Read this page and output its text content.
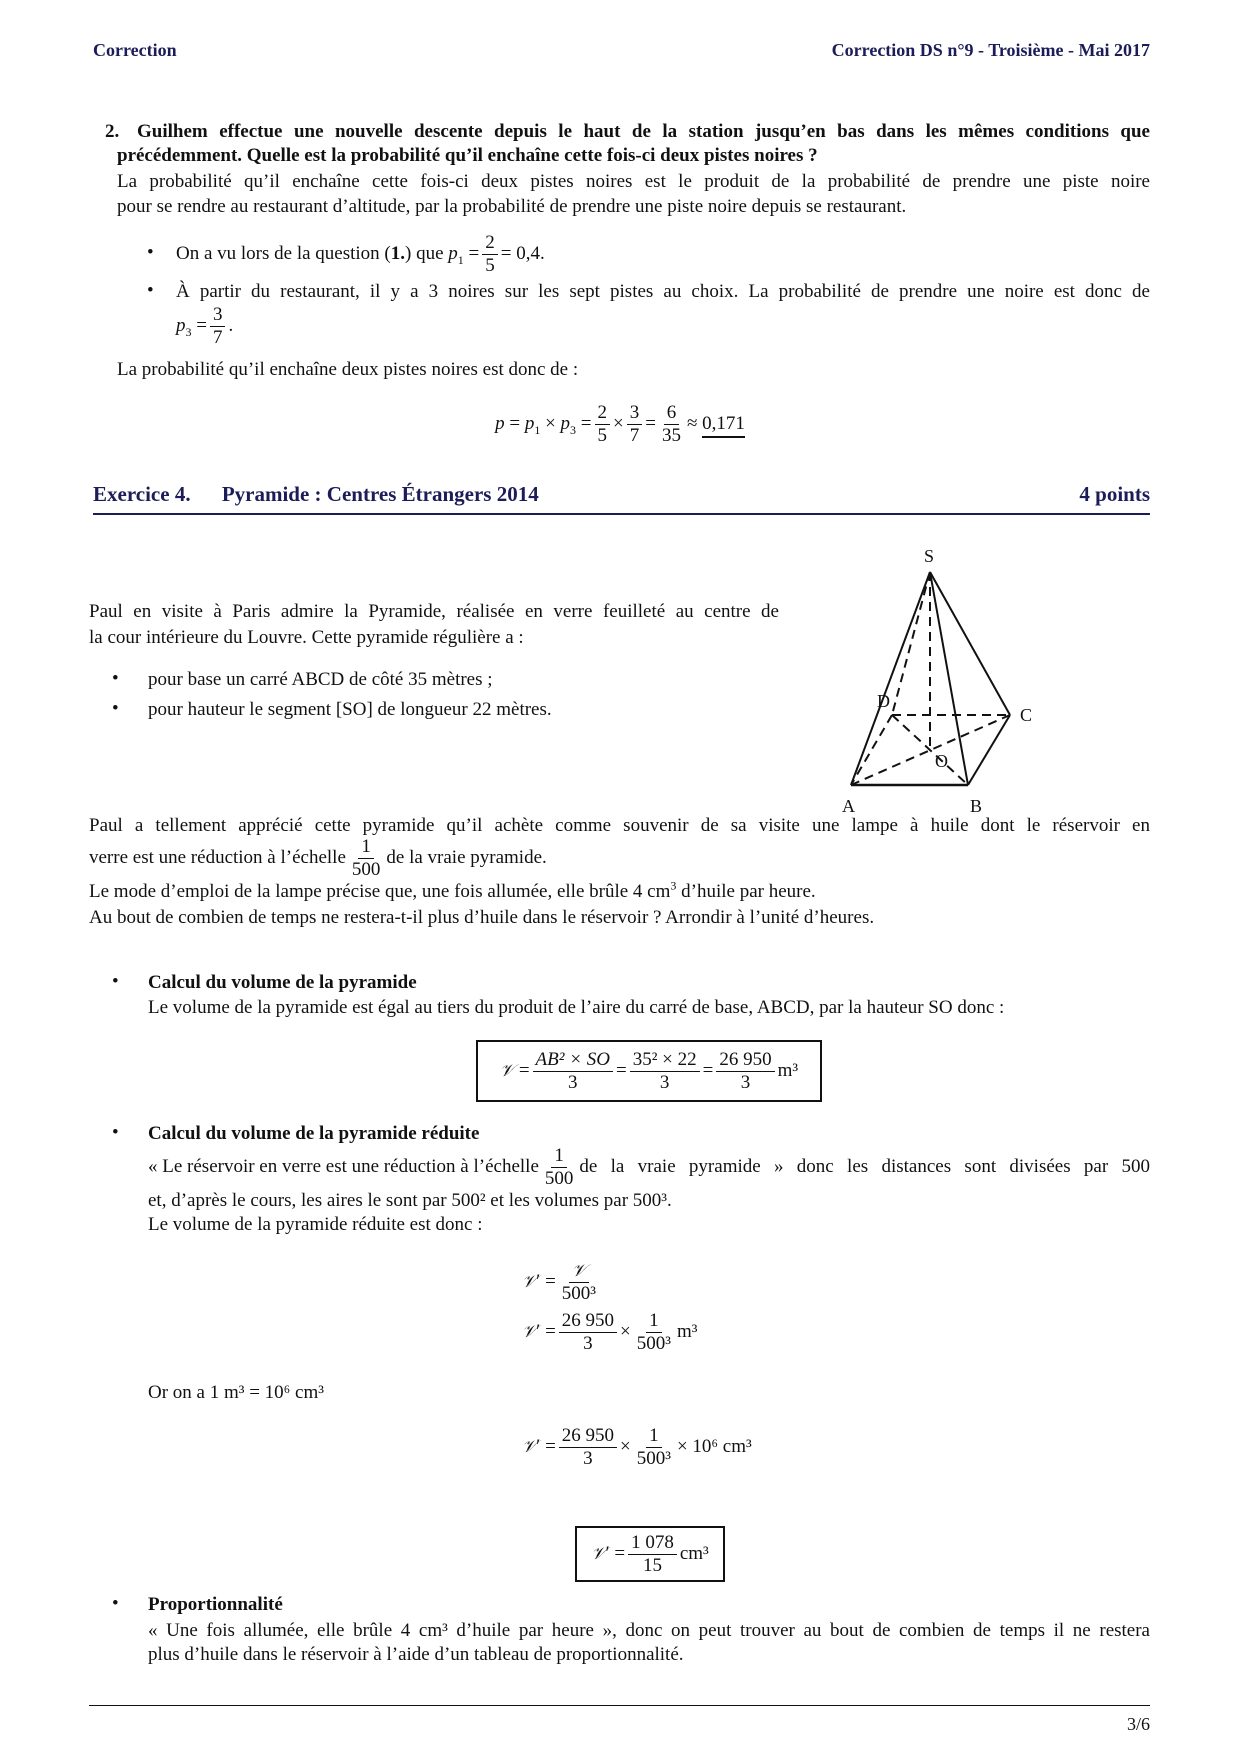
Correction	Correction DS n°9 - Troisième - Mai 2017
2. Guilhem effectue une nouvelle descente depuis le haut de la station jusqu’en bas dans les mêmes conditions que
précédemment. Quelle est la probabilité qu’il enchaîne cette fois-ci deux pistes noires ?
La probabilité qu’il enchaîne cette fois-ci deux pistes noires est le produit de la probabilité de prendre une piste noire
pour se rendre au restaurant d’altitude, par la probabilité de prendre une piste noire depuis se restaurant.
• On a vu lors de la question (1.) que $p_1 = \frac{2}{5} = 0,4$.
• À partir du restaurant, il y a 3 noires sur les sept pistes au choix. La probabilité de prendre une noire est donc de
$p_3 = \frac{3}{7}$ .
La probabilité qu’il enchaîne deux pistes noires est donc de :
$p = p_1 \times p_3 = \frac{2}{5} \times \frac{3}{7} = \frac{6}{35} \approx 0,171$
Exercice 4. Pyramide : Centres Étrangers 2014	4 points
Paul en visite à Paris admire la Pyramide, réalisée en verre feuilleté au centre de
la cour intérieure du Louvre. Cette pyramide régulière a :
• pour base un carré ABCD de côté 35 mètres ;
• pour hauteur le segment [SO] de longueur 22 mètres.
S
A	B
C
D
O
Paul a tellement apprécié cette pyramide qu’il achète comme souvenir de sa visite une lampe à huile dont le réservoir en
verre est une réduction à l’échelle $\frac{1}{500}$ de la vraie pyramide.
Le mode d’emploi de la lampe précise que, une fois allumée, elle brûle 4 $cm^3$ d’huile par heure.
Au bout de combien de temps ne restera-t-il plus d’huile dans le réservoir ? Arrondir à l’unité d’heures.
• Calcul du volume de la pyramide
Le volume de la pyramide est égal au tiers du produit de l’aire du carré de base, ABCD, par la hauteur SO donc :
𝒱 = $\frac{\text{AB² × SO}}{3} = \frac{\text{35² × 22}}{3} = \frac{26 950}{3} m^3$
• Calcul du volume de la pyramide réduite
« Le réservoir en verre est une réduction à l’échelle $\frac{1}{500}$ de la vraie pyramide » donc les distances sont divisées par 500
et, d’après le cours, les aires le sont par 500² et les volumes par 500³.
Le volume de la pyramide réduite est donc :
𝒱′ = $\frac{\text{𝒱}}{\text{500³}}$
𝒱′ = $\frac{26 950}{3} \times \frac{1}{\text{500³}} m^3$
Or on a 1 m³ = 10⁶ cm³
𝒱′ = $\frac{26 950}{3} \times \frac{1}{\text{500³}} \times 10^6$ cm³
𝒱 ′ = $\frac{1 078}{15} cm^3$
• Proportionnalité
« Une fois allumée, elle brûle 4 cm³ d’huile par heure », donc on peut trouver au bout de combien de temps il ne restera
plus d’huile dans le réservoir à l’aide d’un tableau de proportionnalité.
3/6
